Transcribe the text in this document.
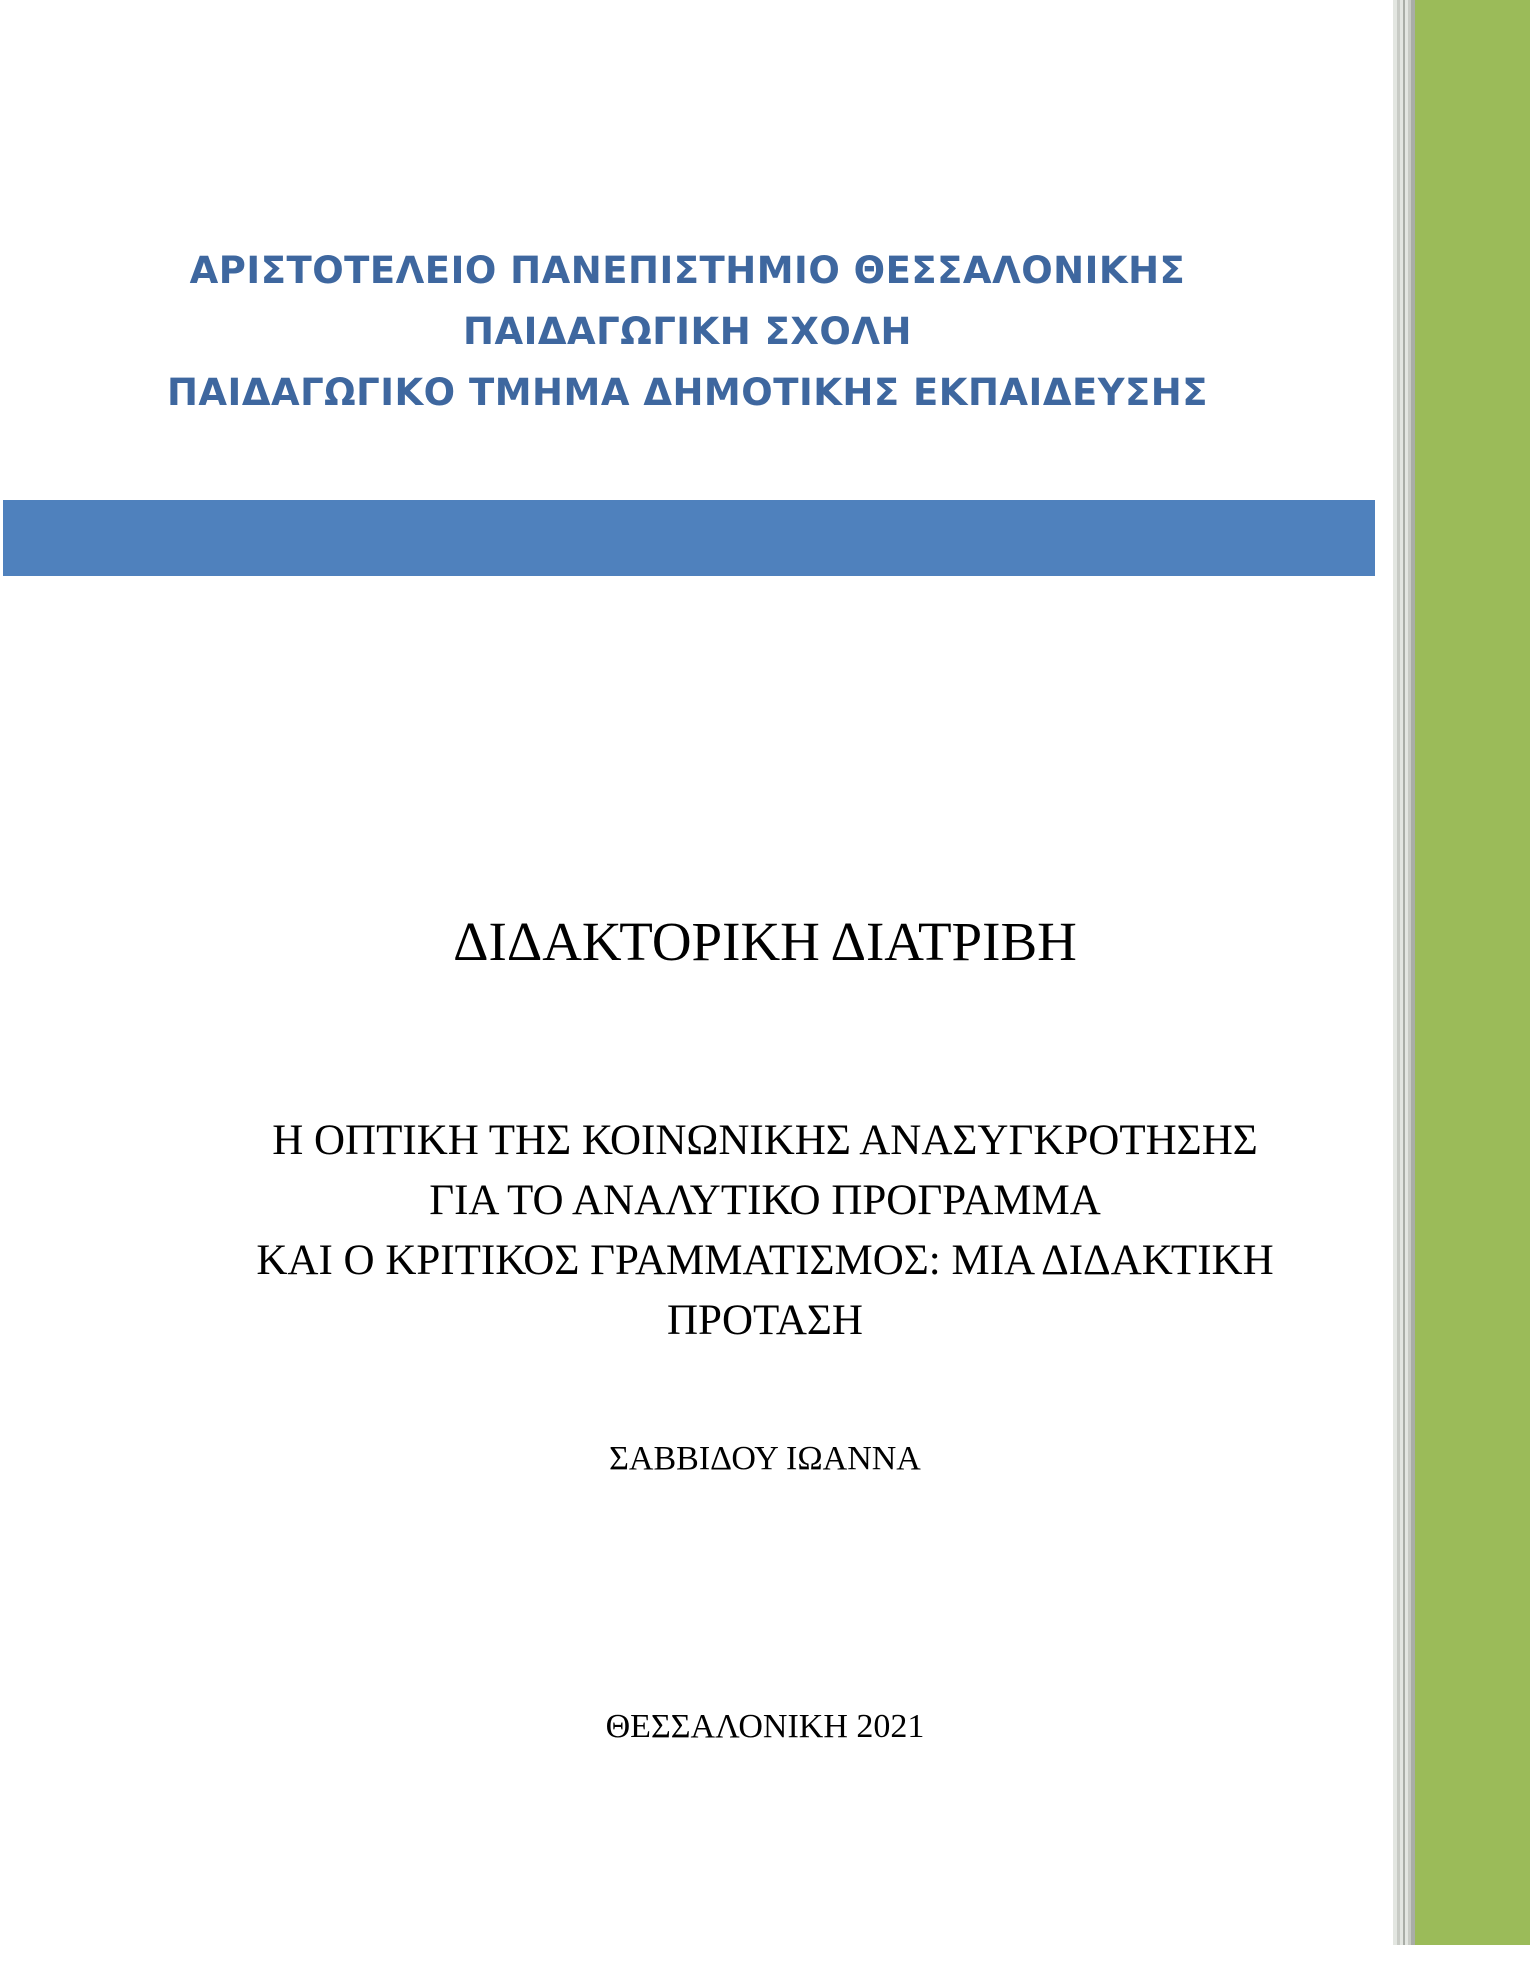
ΑΡΙΣΤΟΤΕΛΕΙΟ ΠΑΝΕΠΙΣΤΗΜΙΟ ΘΕΣΣΑΛΟΝΙΚΗΣ
ΠΑΙΔΑΓΩΓΙΚΗ ΣΧΟΛΗ
ΠΑΙΔΑΓΩΓΙΚΟ ΤΜΗΜΑ ΔΗΜΟΤΙΚΗΣ ΕΚΠΑΙΔΕΥΣΗΣ
ΔΙΔΑΚΤΟΡΙΚΗ ΔΙΑΤΡΙΒΗ
Η ΟΠΤΙΚΗ ΤΗΣ ΚΟΙΝΩΝΙΚΗΣ ΑΝΑΣΥΓΚΡΟΤΗΣΗΣ
ΓΙΑ ΤΟ ΑΝΑΛΥΤΙΚΟ ΠΡΟΓΡΑΜΜΑ
ΚΑΙ Ο ΚΡΙΤΙΚΟΣ ΓΡΑΜΜΑΤΙΣΜΟΣ: ΜΙΑ ΔΙΔΑΚΤΙΚΗ
ΠΡΟΤΑΣΗ
ΣΑΒΒΙΔΟΥ ΙΩΑΝΝΑ
ΘΕΣΣΑΛΟΝΙΚΗ 2021
